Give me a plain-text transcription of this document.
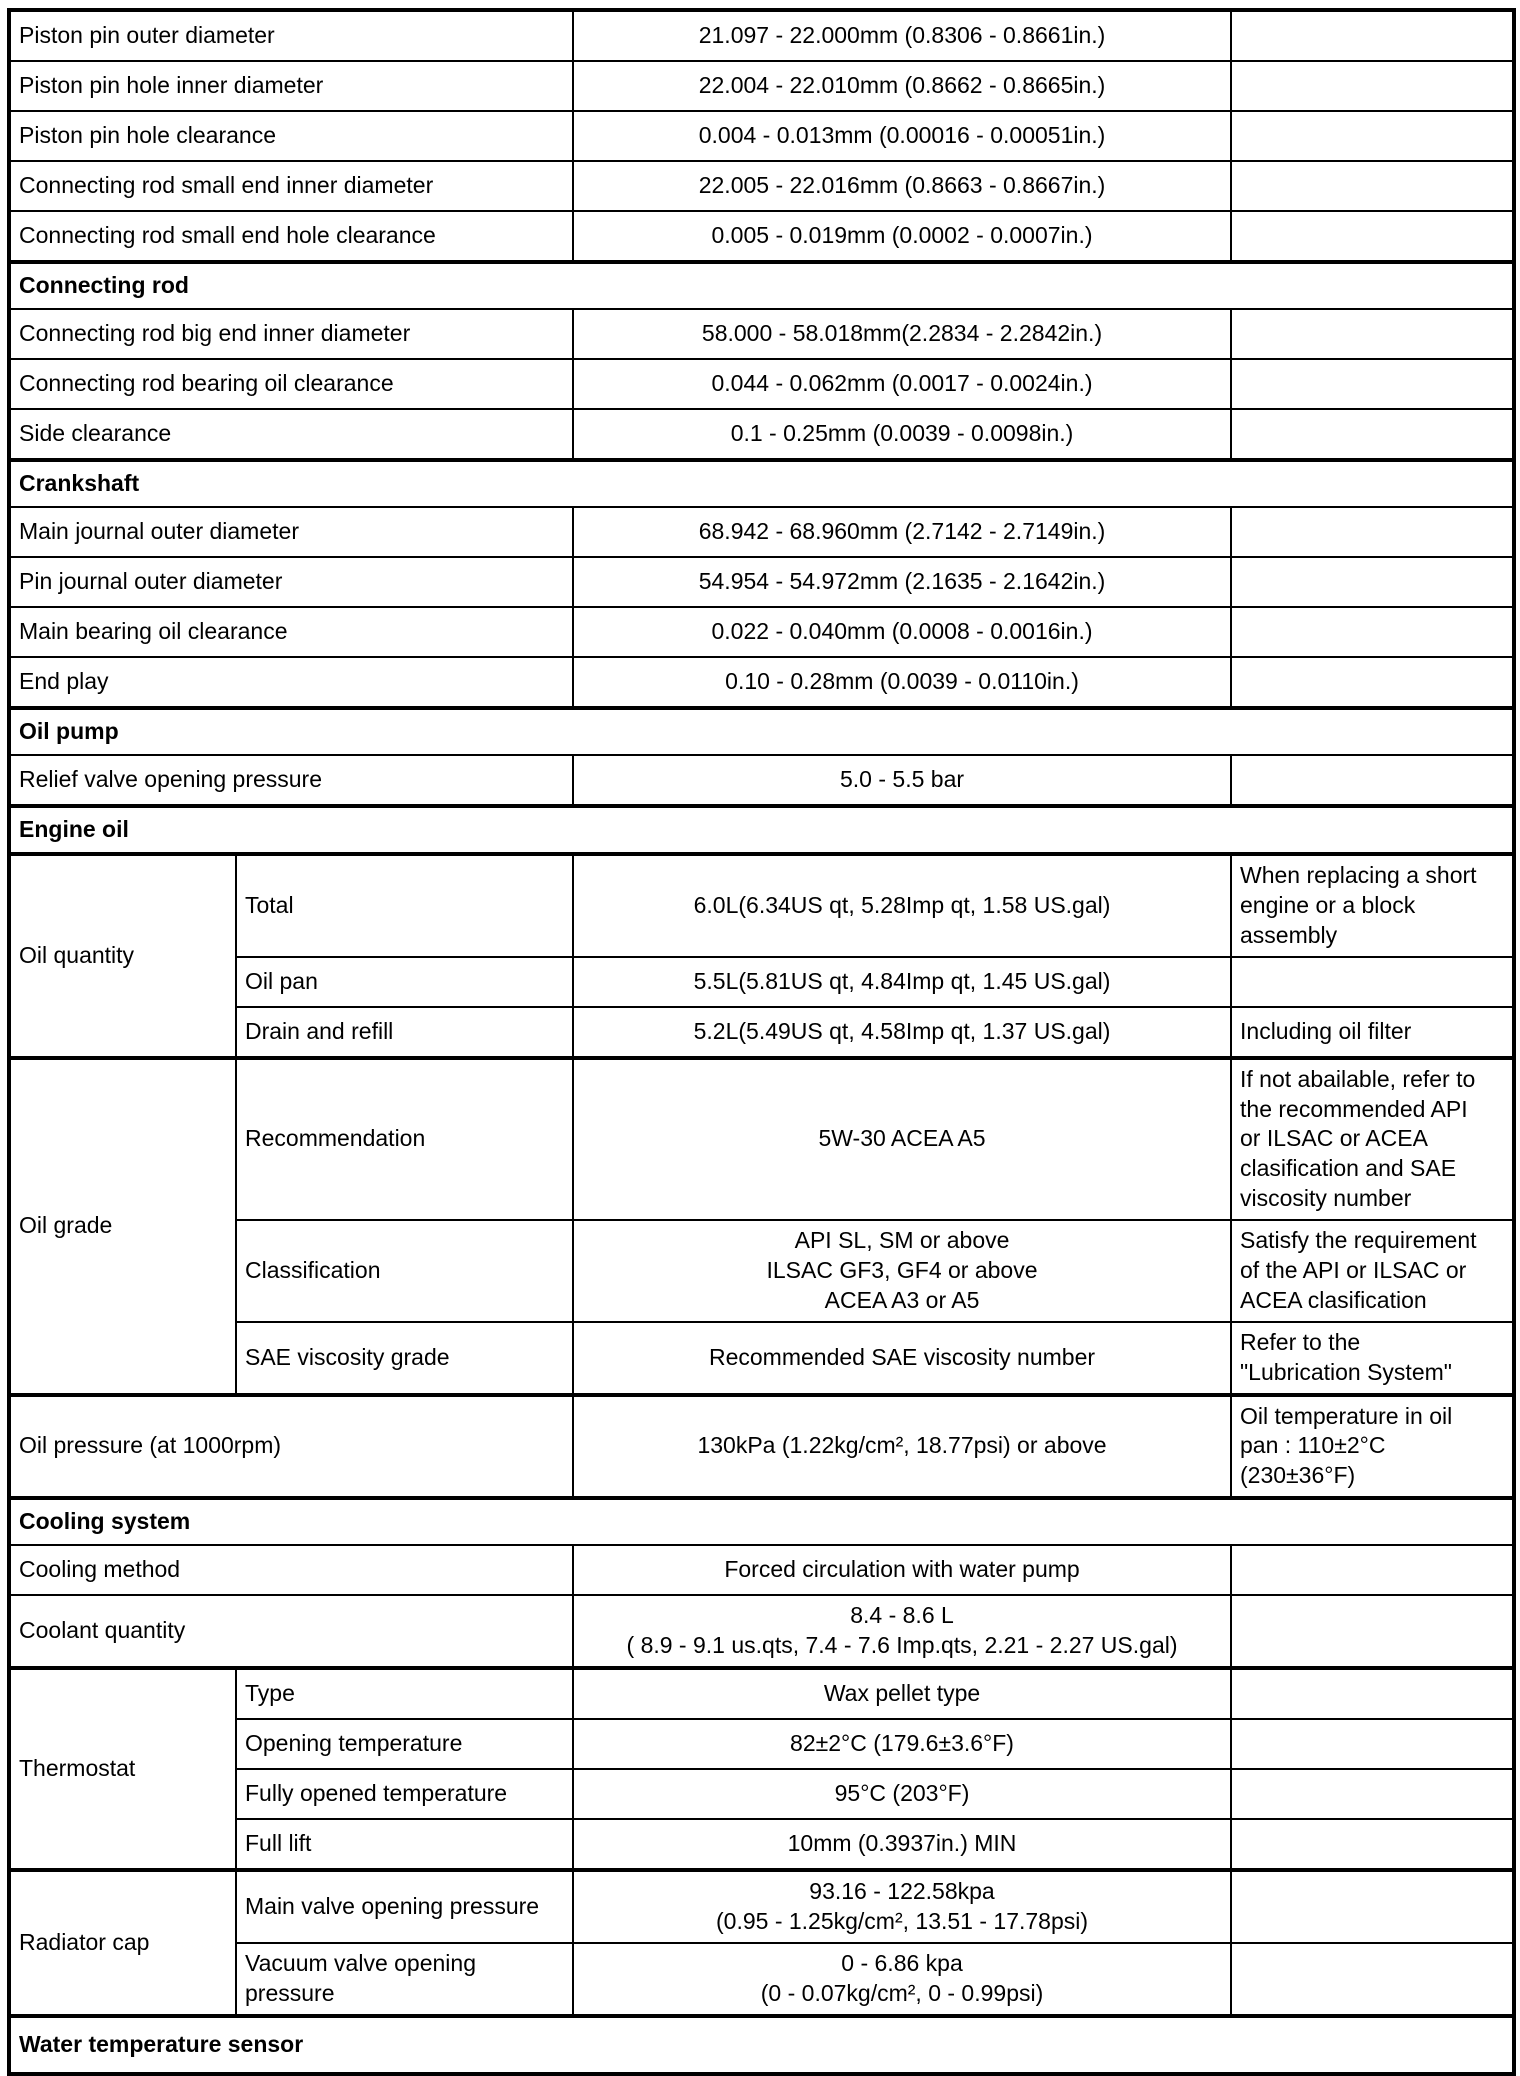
Piston pin outer diameter		21.097 - 22.000mm (0.8306 - 0.8661in.)	
Piston pin hole inner diameter		22.004 - 22.010mm (0.8662 - 0.8665in.)	
Piston pin hole clearance		0.004 - 0.013mm (0.00016 - 0.00051in.)	
Connecting rod small end inner diameter		22.005 - 22.016mm (0.8663 - 0.8667in.)	
Connecting rod small end hole clearance		0.005 - 0.019mm (0.0002 - 0.0007in.)	
Connecting rod			
Connecting rod big end inner diameter		58.000 - 58.018mm(2.2834 - 2.2842in.)	
Connecting rod bearing oil clearance		0.044 - 0.062mm (0.0017 - 0.0024in.)	
Side clearance		0.1 - 0.25mm (0.0039 - 0.0098in.)	
Crankshaft			
Main journal outer diameter		68.942 - 68.960mm (2.7142 - 2.7149in.)	
Pin journal outer diameter		54.954 - 54.972mm (2.1635 - 2.1642in.)	
Main bearing oil clearance		0.022 - 0.040mm (0.0008 - 0.0016in.)	
End play		0.10 - 0.28mm (0.0039 - 0.0110in.)	
Oil pump			
Relief valve opening pressure		5.0 - 5.5 bar	
Engine oil			
Oil quantity	Total	6.0L(6.34US qt, 5.28Imp qt, 1.58 US.gal)	When replacing a short
engine or a block
assembly
	Oil pan	5.5L(5.81US qt, 4.84Imp qt, 1.45 US.gal)	
	Drain and refill	5.2L(5.49US qt, 4.58Imp qt, 1.37 US.gal)	Including oil filter
Oil grade	Recommendation	5W-30 ACEA A5	If not abailable, refer to
the recommended API
or ILSAC or ACEA
clasification and SAE
viscosity number
	Classification	API SL, SM or above
ILSAC GF3, GF4 or above
ACEA A3 or A5	Satisfy the requirement
of the API or ILSAC or
ACEA clasification
	SAE viscosity grade	Recommended SAE viscosity number	Refer to the
"Lubrication System"
Oil pressure (at 1000rpm)		130kPa (1.22kg/cm², 18.77psi) or above	Oil temperature in oil
pan : 110±2°C
(230±36°F)
Cooling system			
Cooling method		Forced circulation with water pump	
Coolant quantity		8.4 - 8.6 L
( 8.9 - 9.1 us.qts, 7.4 - 7.6 Imp.qts, 2.21 - 2.27 US.gal)	
Thermostat	Type	Wax pellet type	
	Opening temperature	82±2°C (179.6±3.6°F)	
	Fully opened temperature	95°C (203°F)	
	Full lift	10mm (0.3937in.) MIN	
Radiator cap	Main valve opening pressure	93.16 - 122.58kpa
(0.95 - 1.25kg/cm², 13.51 - 17.78psi)	
	Vacuum valve opening pressure	0 - 6.86 kpa
(0 - 0.07kg/cm², 0 - 0.99psi)	
Water temperature sensor			
